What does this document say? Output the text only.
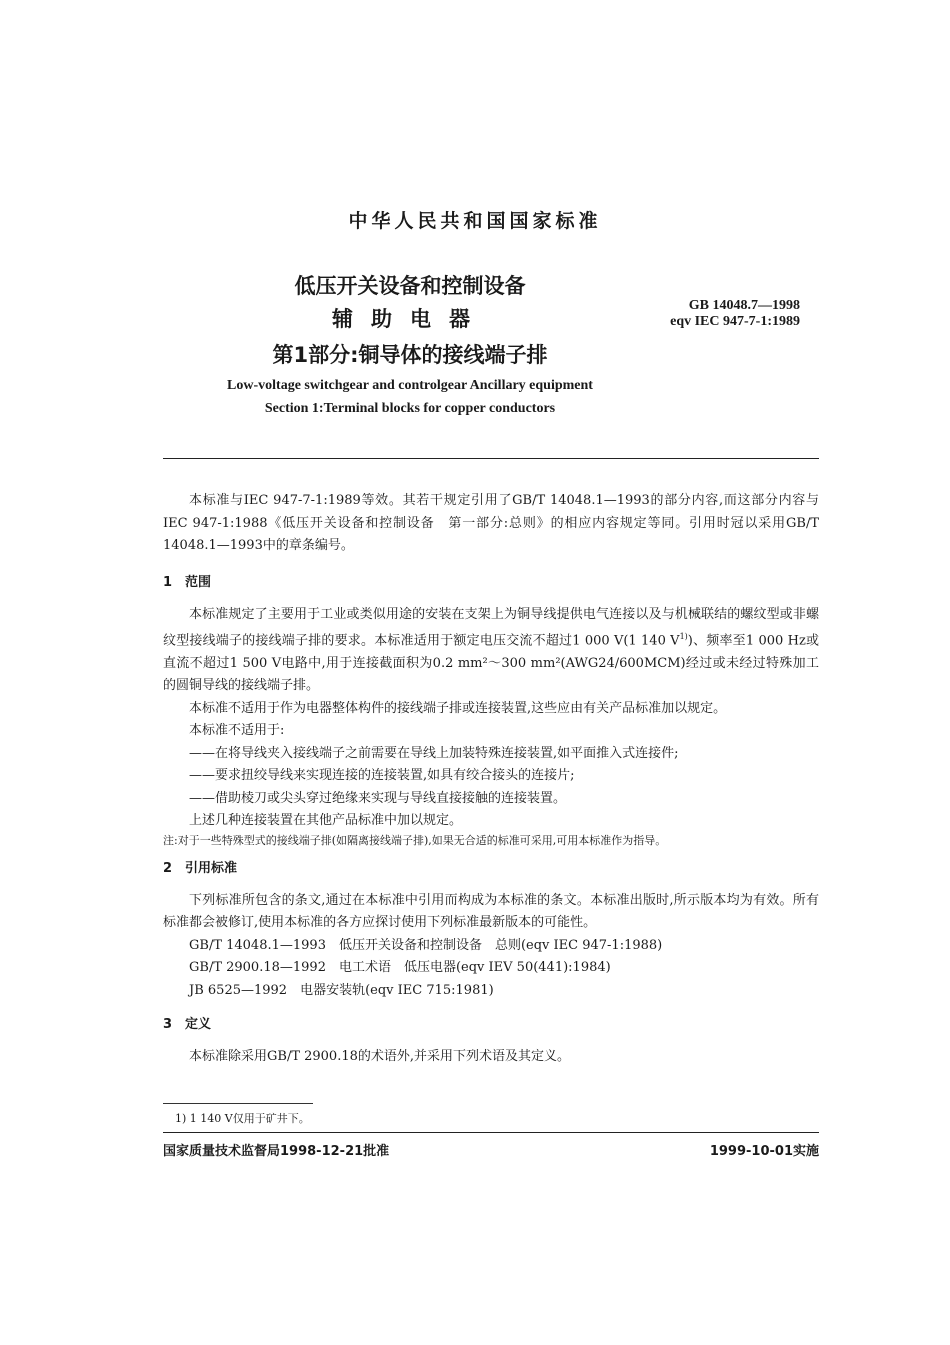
中华人民共和国国家标准
低压开关设备和控制设备
辅助电器
第1部分:铜导体的接线端子排
GB 14048.7—1998
eqv IEC 947-7-1:1989
Low-voltage switchgear and controlgear Ancillary equipment
Section 1:Terminal blocks for copper conductors

本标准与IEC 947-7-1:1989等效。其若干规定引用了GB/T 14048.1—1993的部分内容,而这部分内容与IEC 947-1:1988《低压开关设备和控制设备　第一部分:总则》的相应内容规定等同。引用时冠以采用GB/T 14048.1—1993中的章条编号。

1　范围

本标准规定了主要用于工业或类似用途的安装在支架上为铜导线提供电气连接以及与机械联结的螺纹型或非螺纹型接线端子的接线端子排的要求。本标准适用于额定电压交流不超过1 000 V(1 140 $V^{1)}$)、频率至1 000 Hz或直流不超过1 500 V电路中,用于连接截面积为0.2 mm²～300 mm²(AWG24/600MCM)经过或未经过特殊加工的圆铜导线的接线端子排。

本标准不适用于作为电器整体构件的接线端子排或连接装置,这些应由有关产品标准加以规定。

本标准不适用于:

——在将导线夹入接线端子之前需要在导线上加装特殊连接装置,如平面推入式连接件;

——要求扭绞导线来实现连接的连接装置,如具有绞合接头的连接片;

——借助棱刀或尖头穿过绝缘来实现与导线直接接触的连接装置。

上述几种连接装置在其他产品标准中加以规定。

注:对于一些特殊型式的接线端子排(如隔离接线端子排),如果无合适的标准可采用,可用本标准作为指导。

2　引用标准

下列标准所包含的条文,通过在本标准中引用而构成为本标准的条文。本标准出版时,所示版本均为有效。所有标准都会被修订,使用本标准的各方应探讨使用下列标准最新版本的可能性。

GB/T 14048.1—1993　低压开关设备和控制设备　总则(eqv IEC 947-1:1988)

GB/T 2900.18—1992　电工术语　低压电器(eqv IEV 50(441):1984)

JB 6525—1992　电器安装轨(eqv IEC 715:1981)

3　定义

本标准除采用GB/T 2900.18的术语外,并采用下列术语及其定义。

1) 1 140 V仅用于矿井下。
国家质量技术监督局1998-12-21批准	1999-10-01实施
